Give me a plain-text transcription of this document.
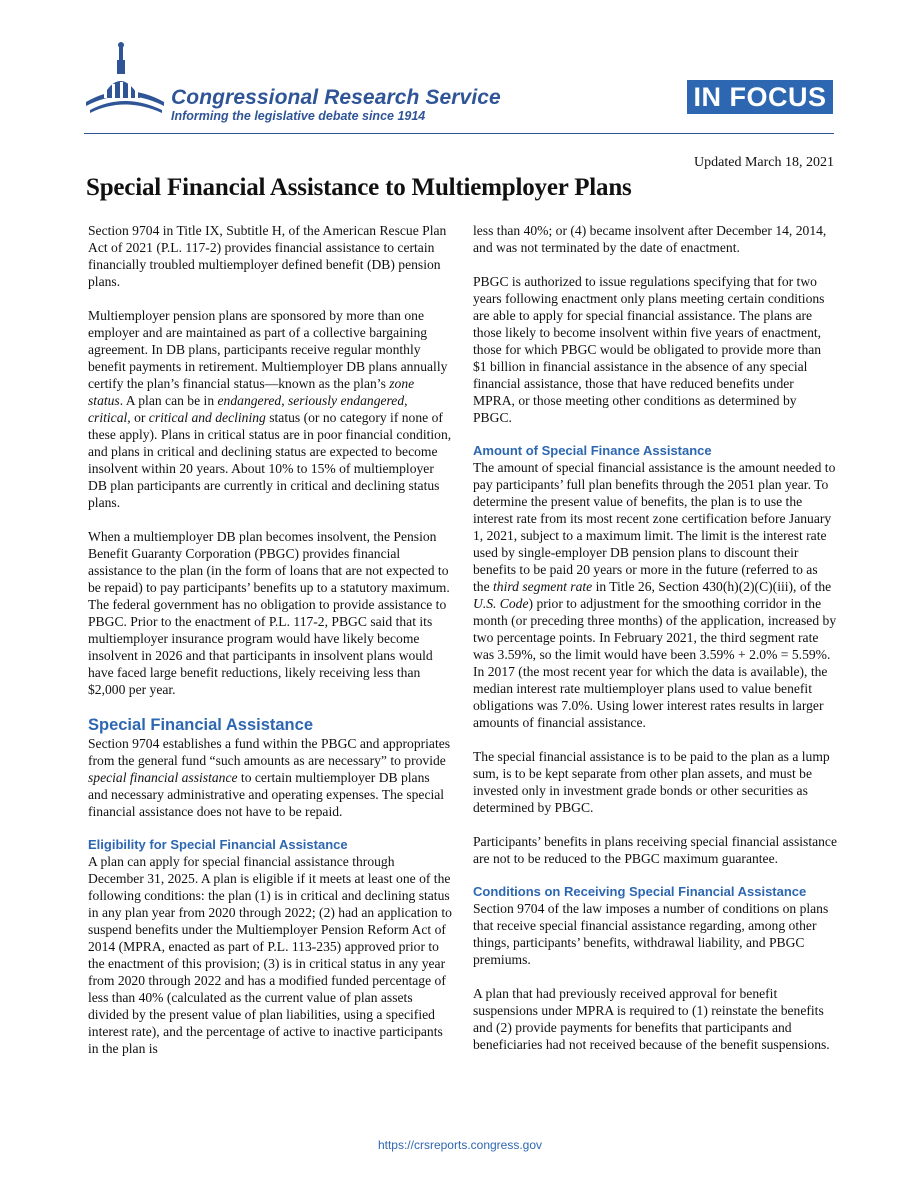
Congressional Research Service
Informing the legislative debate since 1914
IN FOCUS
Updated March 18, 2021
Special Financial Assistance to Multiemployer Plans

Section 9704 in Title IX, Subtitle H, of the American Rescue Plan Act of 2021 (P.L. 117-2) provides financial assistance to certain financially troubled multiemployer defined benefit (DB) pension plans.

Multiemployer pension plans are sponsored by more than one employer and are maintained as part of a collective bargaining agreement. In DB plans, participants receive regular monthly benefit payments in retirement. Multiemployer DB plans annually certify the plan’s financial status—known as the plan’s zone status. A plan can be in endangered, seriously endangered, critical, or critical and declining status (or no category if none of these apply). Plans in critical status are in poor financial condition, and plans in critical and declining status are expected to become insolvent within 20 years. About 10% to 15% of multiemployer DB plan participants are currently in critical and declining status plans.

When a multiemployer DB plan becomes insolvent, the Pension Benefit Guaranty Corporation (PBGC) provides financial assistance to the plan (in the form of loans that are not expected to be repaid) to pay participants’ benefits up to a statutory maximum. The federal government has no obligation to provide assistance to PBGC. Prior to the enactment of P.L. 117-2, PBGC said that its multiemployer insurance program would have likely become insolvent in 2026 and that participants in insolvent plans would have faced large benefit reductions, likely receiving less than $2,000 per year.

Special Financial Assistance

Section 9704 establishes a fund within the PBGC and appropriates from the general fund “such amounts as are necessary” to provide special financial assistance to certain multiemployer DB plans and necessary administrative and operating expenses. The special financial assistance does not have to be repaid.

Eligibility for Special Financial Assistance

A plan can apply for special financial assistance through December 31, 2025. A plan is eligible if it meets at least one of the following conditions: the plan (1) is in critical and declining status in any plan year from 2020 through 2022; (2) had an application to suspend benefits under the Multiemployer Pension Reform Act of 2014 (MPRA, enacted as part of P.L. 113-235) approved prior to the enactment of this provision; (3) is in critical status in any year from 2020 through 2022 and has a modified funded percentage of less than 40% (calculated as the current value of plan assets divided by the present value of plan liabilities, using a specified interest rate), and the percentage of active to inactive participants in the plan is

less than 40%; or (4) became insolvent after December 14, 2014, and was not terminated by the date of enactment.

PBGC is authorized to issue regulations specifying that for two years following enactment only plans meeting certain conditions are able to apply for special financial assistance. The plans are those likely to become insolvent within five years of enactment, those for which PBGC would be obligated to provide more than $1 billion in financial assistance in the absence of any special financial assistance, those that have reduced benefits under MPRA, or those meeting other conditions as determined by PBGC.

Amount of Special Finance Assistance

The amount of special financial assistance is the amount needed to pay participants’ full plan benefits through the 2051 plan year. To determine the present value of benefits, the plan is to use the interest rate from its most recent zone certification before January 1, 2021, subject to a maximum limit. The limit is the interest rate used by single-employer DB pension plans to discount their benefits to be paid 20 years or more in the future (referred to as the third segment rate in Title 26, Section 430(h)(2)(C)(iii), of the U.S. Code) prior to adjustment for the smoothing corridor in the month (or preceding three months) of the application, increased by two percentage points. In February 2021, the third segment rate was 3.59%, so the limit would have been 3.59% + 2.0% = 5.59%. In 2017 (the most recent year for which the data is available), the median interest rate multiemployer plans used to value benefit obligations was 7.0%. Using lower interest rates results in larger amounts of financial assistance.

The special financial assistance is to be paid to the plan as a lump sum, is to be kept separate from other plan assets, and must be invested only in investment grade bonds or other securities as determined by PBGC.

Participants’ benefits in plans receiving special financial assistance are not to be reduced to the PBGC maximum guarantee.

Conditions on Receiving Special Financial Assistance

Section 9704 of the law imposes a number of conditions on plans that receive special financial assistance regarding, among other things, participants’ benefits, withdrawal liability, and PBGC premiums.

A plan that had previously received approval for benefit suspensions under MPRA is required to (1) reinstate the benefits and (2) provide payments for benefits that participants and beneficiaries had not received because of the benefit suspensions.

https://crsreports.congress.gov
